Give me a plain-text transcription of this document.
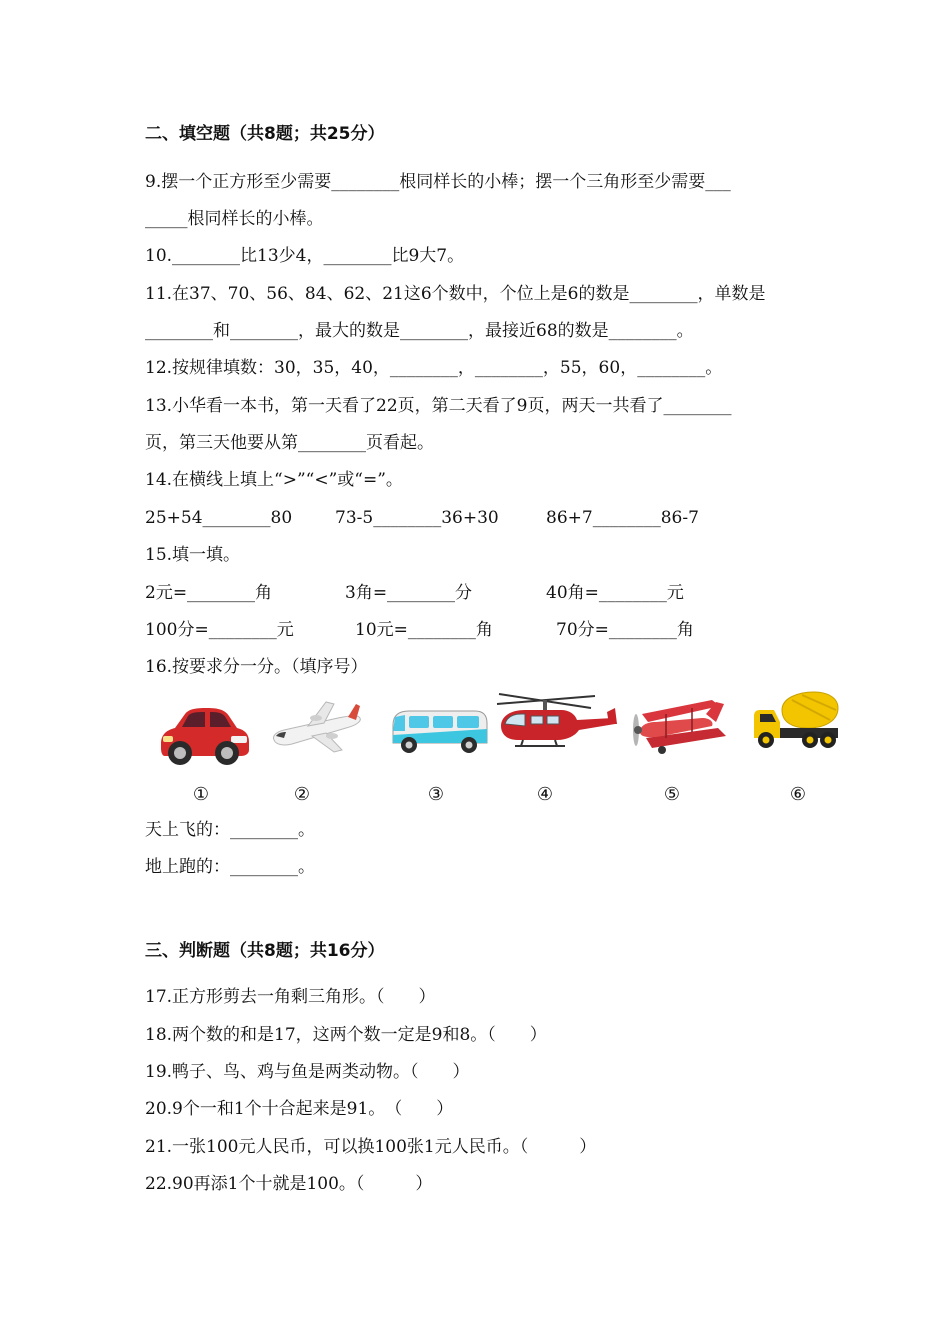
二、填空题（共8题；共25分）
9.摆一个正方形至少需要________根同样长的小棒；摆一个三角形至少需要___
_____根同样长的小棒。
10.________比13少4，________比9大7。
11.在37、70、56、84、62、21这6个数中，个位上是6的数是________，单数是
________和________，最大的数是________，最接近68的数是________。
12.按规律填数：30，35，40，________，________，55，60，________。
13.小华看一本书，第一天看了22页，第二天看了9页，两天一共看了________
页，第三天他要从第________页看起。
14.在横线上填上“>”“<”或“=”。
25+54________80	73-5________36+30	86+7________86-7
15.填一填。
2元=________角	3角=________分	40角=________元
100分=________元	10元=________角	70分=________角
16.按要求分一分。（填序号）
①	②	③	④	⑤	⑥
天上飞的：________。
地上跑的：________。
三、判断题（共8题；共16分）
17.正方形剪去一角剩三角形。（　　）
18.两个数的和是17，这两个数一定是9和8。（　　）
19.鸭子、鸟、鸡与鱼是两类动物。（　　）
20.9个一和1个十合起来是91。　（　　）
21.一张100元人民币，可以换100张1元人民币。（　　　）
22.90再添1个十就是100。（　　　）
